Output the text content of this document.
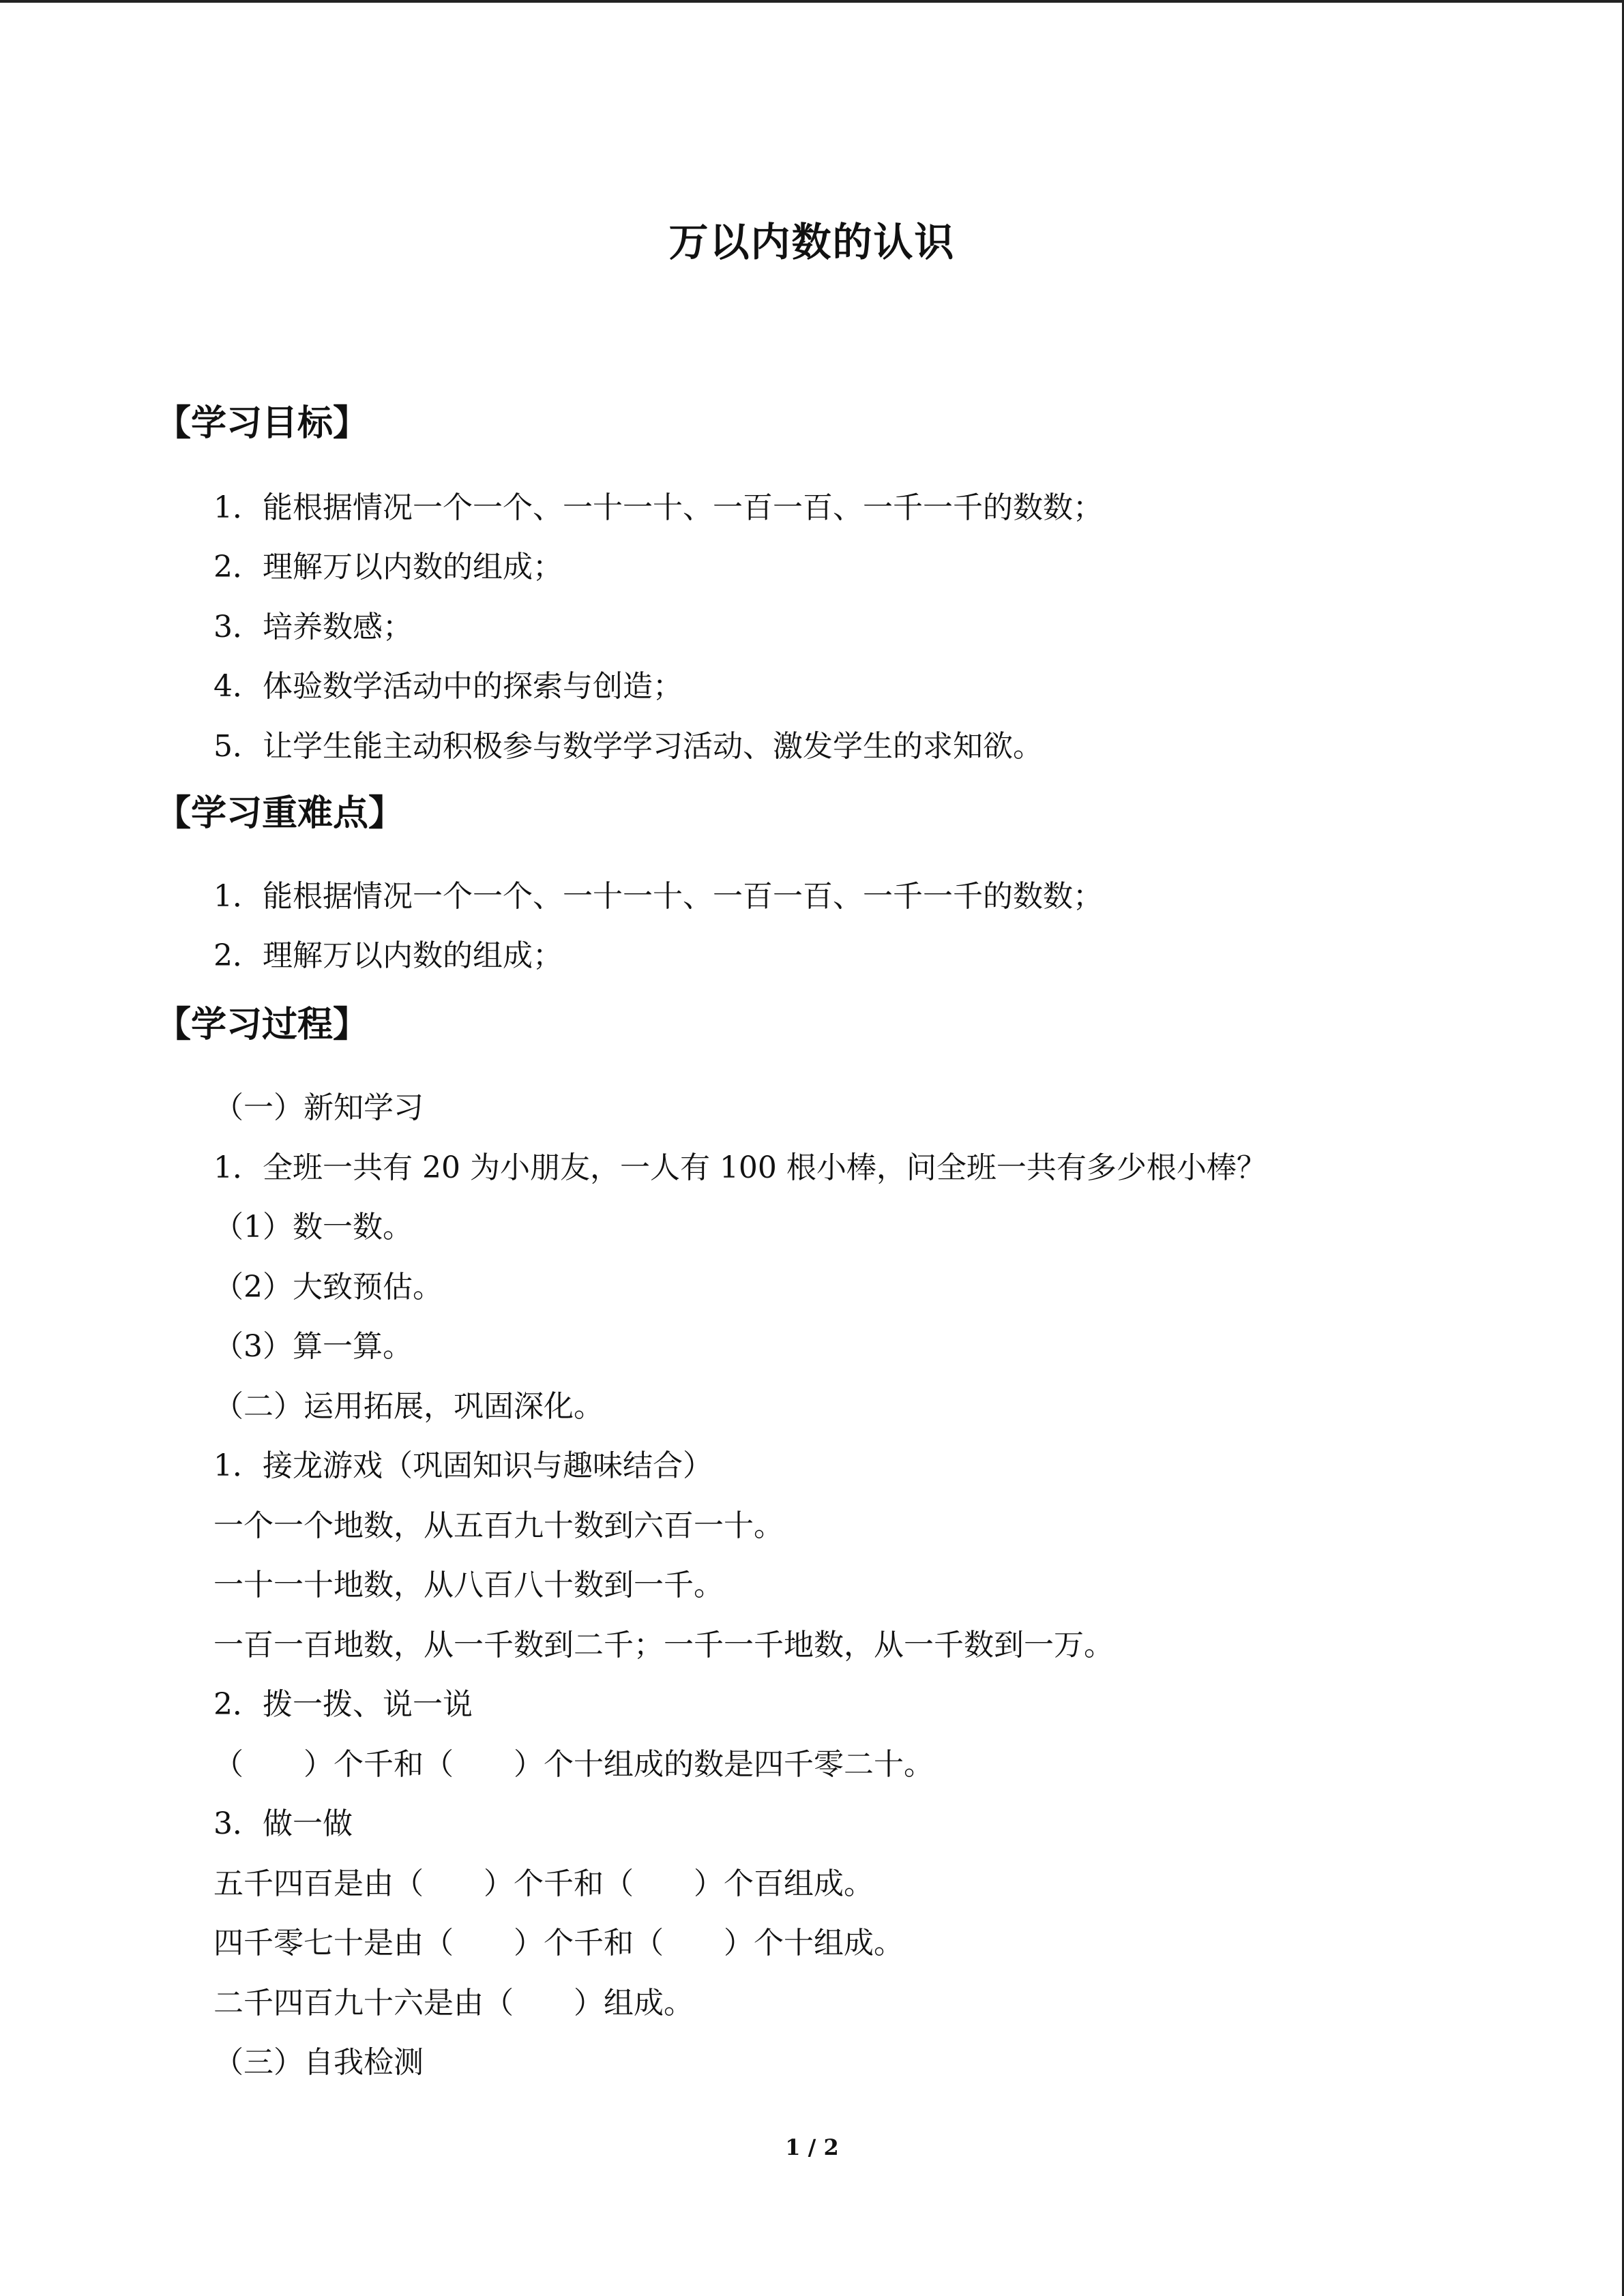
万以内数的认识
【学习目标】
1．能根据情况一个一个、一十一十、一百一百、一千一千的数数；
2．理解万以内数的组成；
3．培养数感；
4．体验数学活动中的探索与创造；
5．让学生能主动积极参与数学学习活动、激发学生的求知欲。
【学习重难点】
1．能根据情况一个一个、一十一十、一百一百、一千一千的数数；
2．理解万以内数的组成；
【学习过程】
（一）新知学习
1．全班一共有 20 为小朋友，一人有 100 根小棒，问全班一共有多少根小棒？
（1）数一数。
（2）大致预估。
（3）算一算。
（二）运用拓展，巩固深化。
1．接龙游戏（巩固知识与趣味结合）
一个一个地数，从五百九十数到六百一十。
一十一十地数，从八百八十数到一千。
一百一百地数，从一千数到二千；一千一千地数，从一千数到一万。
2．拨一拨、说一说
（　　）个千和（　　）个十组成的数是四千零二十。
3．做一做
五千四百是由（　　）个千和（　　）个百组成。
四千零七十是由（　　）个千和（　　）个十组成。
二千四百九十六是由（　　）组成。
（三）自我检测
1 / 2
